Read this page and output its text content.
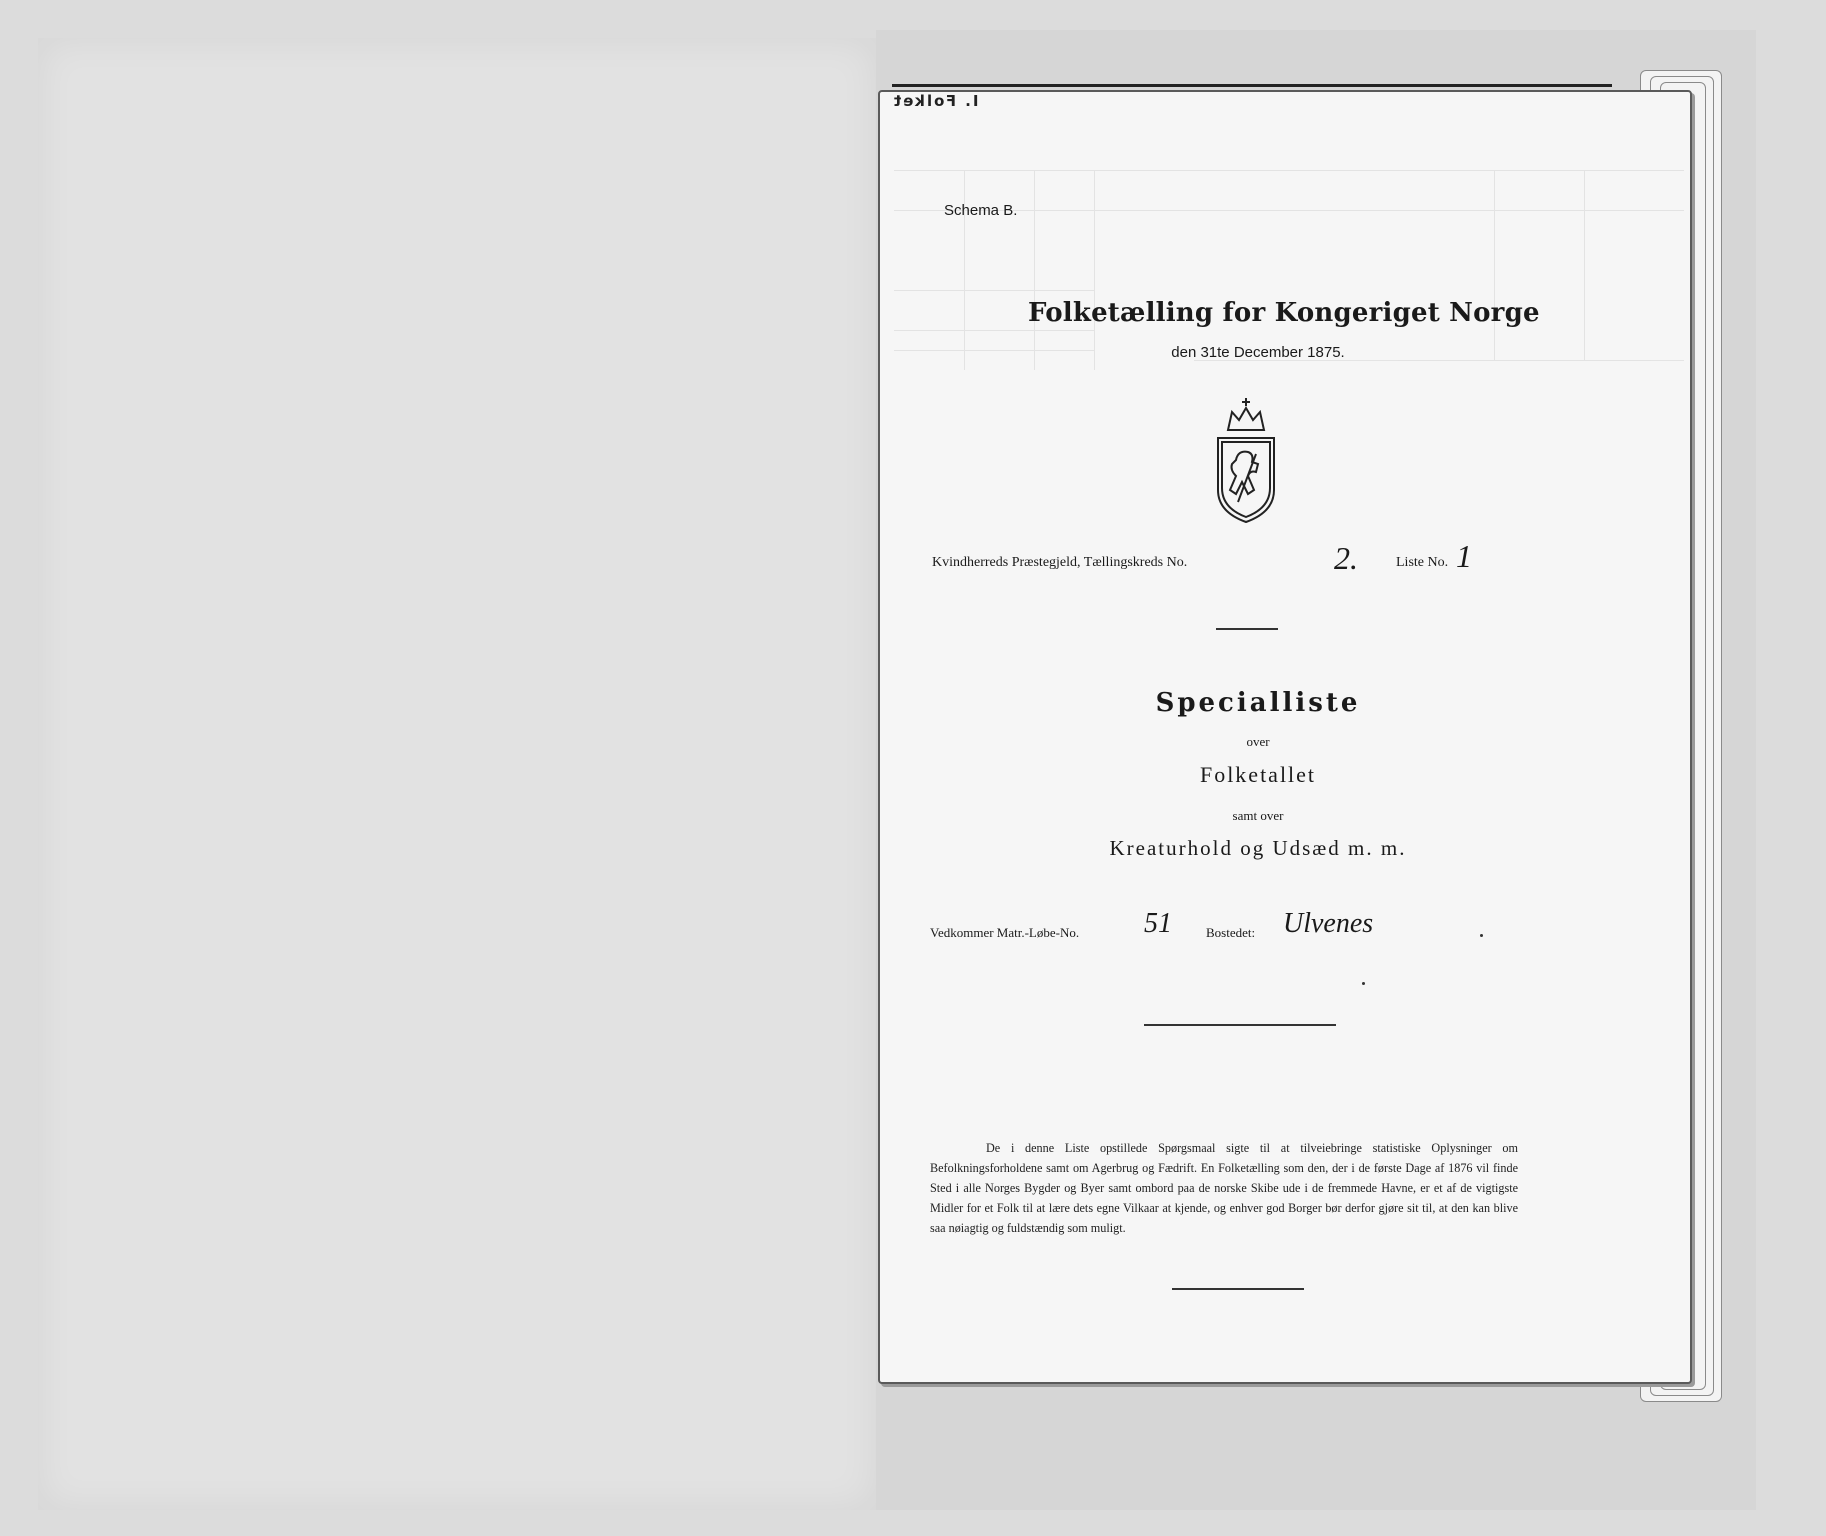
I. Folket
Schema B.
Folketælling for Kongeriget Norge
den 31te December 1875.
Kvindherreds Præstegjeld, Tællingskreds No.	2.	Liste No. 1
Specialliste
over
Folketallet
samt over
Kreaturhold og Udsæd m. m.
Vedkommer Matr.-Løbe-No. 51	Bostedet: Ulvenes
De i denne Liste opstillede Spørgsmaal sigte til at tilveiebringe statistiske Oplysninger om Befolkningsforholdene samt om Agerbrug og Fædrift. En Folketælling som den, der i de første Dage af 1876 vil finde Sted i alle Norges Bygder og Byer samt ombord paa de norske Skibe ude i de fremmede Havne, er et af de vigtigste Midler for et Folk til at lære dets egne Vilkaar at kjende, og enhver god Borger bør derfor gjøre sit til, at den kan blive saa nøiagtig og fuldstændig som muligt.
